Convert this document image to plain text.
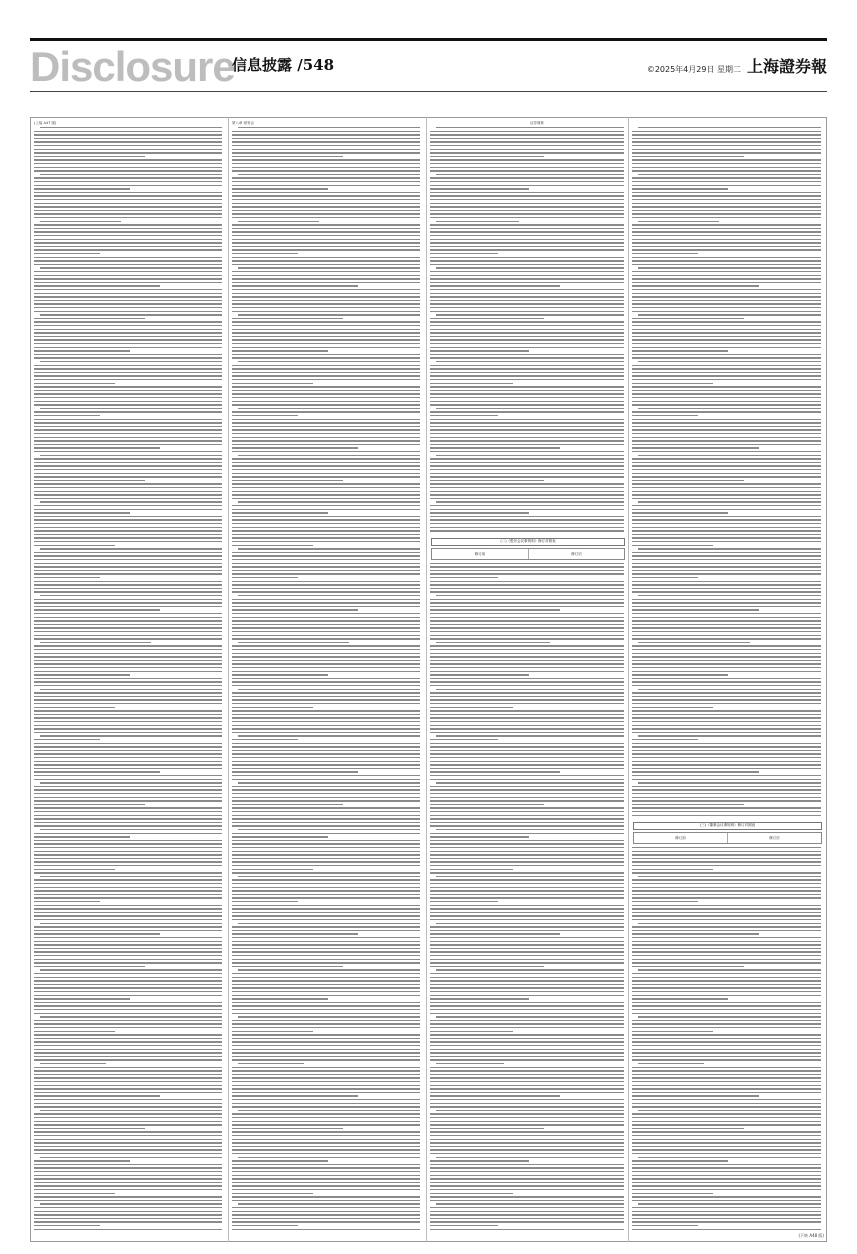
Disclosure
信息披露 /548	©2025年4月29日 星期二 上海證券報
(上接 A47 版)	第八章 财务会	证券简称
(二)《股东会议事规则》修订对照表
修订前	修订后
(三)《董事会议事规则》修订对照表
修订前	修订后
(下转 A48 版)
